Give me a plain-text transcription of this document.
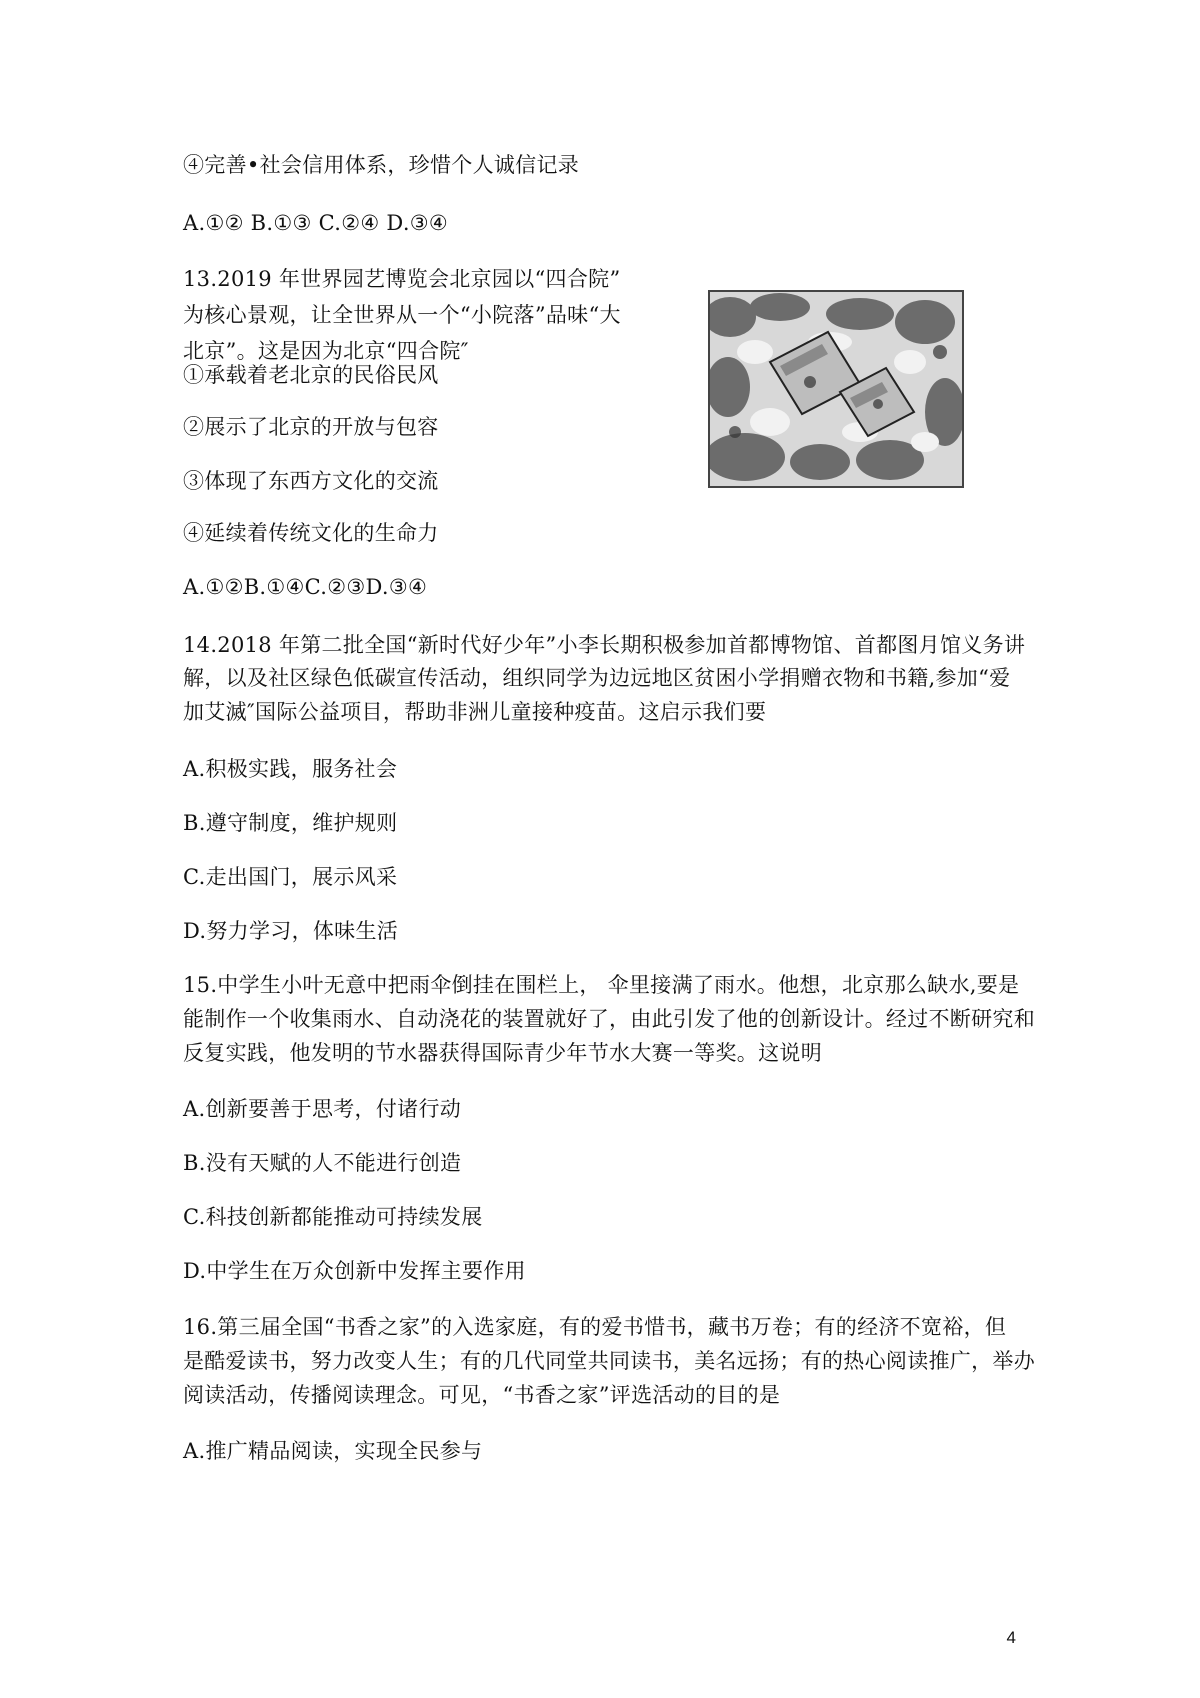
④完善•社会信用体系，珍惜个人诚信记录
A.①② B.①③ C.②④ D.③④
13.2019 年世界园艺博览会北京园以“四合院”
为核心景观，让全世界从一个“小院落”品味“大
北京”。这是因为北京“四合院″
①承载着老北京的民俗民风
②展示了北京的开放与包容
③体现了东西方文化的交流
④延续着传统文化的生命力
A.①②B.①④C.②③D.③④
14.2018 年第二批全国“新时代好少年”小李长期积极参加首都博物馆、首都图月馆义务讲
解，以及社区绿色低碳宣传活动，组织同学为边远地区贫困小学捐赠衣物和书籍,参加“爱
加艾滅″国际公益项目，帮助非洲儿童接种疫苗。这启示我们要
A.积极实践，服务社会
B.遵守制度，维护规则
C.走出国门，展示风采
D.努力学习，体味生活
15.中学生小叶无意中把雨伞倒挂在围栏上， 伞里接满了雨水。他想，北京那么缺水,要是
能制作一个收集雨水、自动浇花的装置就好了，由此引发了他的创新设计。经过不断研究和
反复实践，他发明的节水器获得国际青少年节水大赛一等奖。这说明
A.创新要善于思考，付诸行动
B.没有天赋的人不能进行创造
C.科技创新都能推动可持续发展
D.中学生在万众创新中发挥主要作用
16.第三届全国“书香之家”的入选家庭，有的爱书惜书，藏书万卷；有的经济不宽裕，但
是酷爱读书，努力改变人生；有的几代同堂共同读书，美名远扬；有的热心阅读推广，举办
阅读活动，传播阅读理念。可见，“书香之家”评选活动的目的是
A.推广精品阅读，实现全民参与
4
